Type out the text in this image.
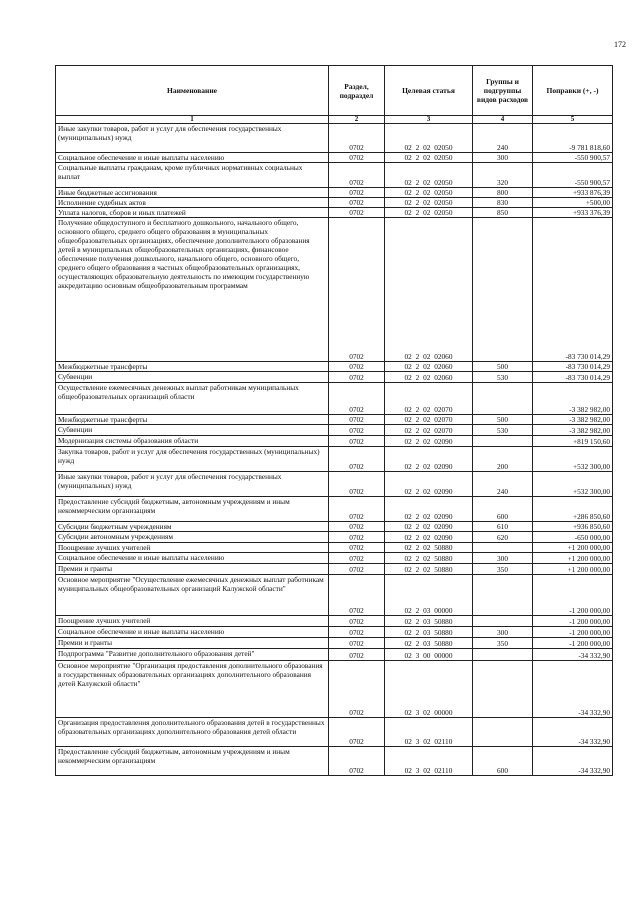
172
Наименование	Раздел, подраздел	Целевая статья	Группы и подгруппы видов расходов	Поправки (+, -)
1	2	3	4	5
Иные закупки товаров, работ и услуг для обеспечения государственных (муниципальных) нужд	0702	02 2 02 02050	240	-9 781 818,60
Социальное обеспечение и иные выплаты населению	0702	02 2 02 02050	300	-550 900,57
Социальные выплаты гражданам, кроме публичных нормативных социальных выплат	0702	02 2 02 02050	320	-550 900,57
Иные бюджетные ассигнования	0702	02 2 02 02050	800	+933 876,39
Исполнение судебных актов	0702	02 2 02 02050	830	+500,00
Уплата налогов, сборов и иных платежей	0702	02 2 02 02050	850	+933 376,39
Получение общедоступного и бесплатного дошкольного, начального общего, основного общего, среднего общего образования в муниципальных общеобразовательных организациях, обеспечение дополнительного образования детей в муниципальных общеобразовательных организациях, финансовое обеспечение получения дошкольного, начального общего, основного общего, среднего общего образования в частных общеобразовательных организациях, осуществляющих образовательную деятельность по имеющим государственную аккредитацию основным общеобразовательным программам	0702	02 2 02 02060		-83 730 014,29
Межбюджетные трансферты	0702	02 2 02 02060	500	-83 730 014,29
Субвенции	0702	02 2 02 02060	530	-83 730 014,29
Осуществление ежемесячных денежных выплат работникам муниципальных общеобразовательных организаций области	0702	02 2 02 02070		-3 382 982,00
Межбюджетные трансферты	0702	02 2 02 02070	500	-3 382 982,00
Субвенции	0702	02 2 02 02070	530	-3 382 982,00
Модернизация системы образования области	0702	02 2 02 02090		+819 150,60
Закупка товаров, работ и услуг для обеспечения государственных (муниципальных) нужд	0702	02 2 02 02090	200	+532 300,00
Иные закупки товаров, работ и услуг для обеспечения государственных (муниципальных) нужд	0702	02 2 02 02090	240	+532 300,00
Предоставление субсидий бюджетным, автономным учреждениям и иным некоммерческим организациям	0702	02 2 02 02090	600	+286 850,60
Субсидии бюджетным учреждениям	0702	02 2 02 02090	610	+936 850,60
Субсидии автономным учреждениям	0702	02 2 02 02090	620	-650 000,00
Поощрение лучших учителей	0702	02 2 02 50880		+1 200 000,00
Социальное обеспечение и иные выплаты населению	0702	02 2 02 50880	300	+1 200 000,00
Премии и гранты	0702	02 2 02 50880	350	+1 200 000,00
Основное мероприятие "Осуществление ежемесячных денежных выплат работникам муниципальных общеобразовательных организаций Калужской области"	0702	02 2 03 00000		-1 200 000,00
Поощрение лучших учителей	0702	02 2 03 50880		-1 200 000,00
Социальное обеспечение и иные выплаты населению	0702	02 2 03 50880	300	-1 200 000,00
Премии и гранты	0702	02 2 03 50880	350	-1 200 000,00
Подпрограмма "Развитие дополнительного образования детей"	0702	02 3 00 00000		-34 332,90
Основное мероприятие "Организация предоставления дополнительного образования в государственных образовательных организациях дополнительного образования детей Калужской области"	0702	02 3 02 00000		-34 332,90
Организация предоставления дополнительного образования детей в государственных образовательных организациях дополнительного образования детей области	0702	02 3 02 02110		-34 332,90
Предоставление субсидий бюджетным, автономным учреждениям и иным некоммерческим организациям	0702	02 3 02 02110	600	-34 332,90
